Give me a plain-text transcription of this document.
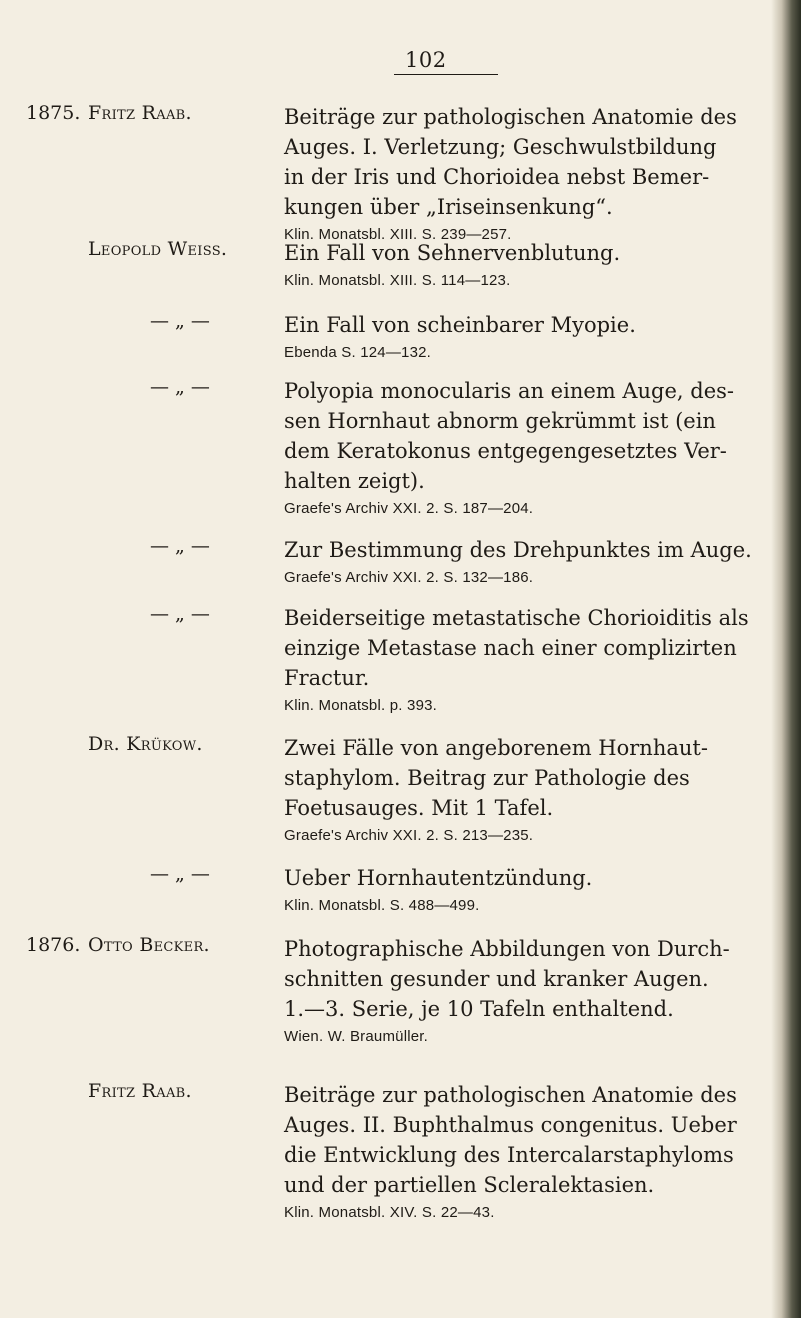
102
1875. Fritz Raab.	Beiträge zur pathologischen Anatomie des
Auges. I. Verletzung; Geschwulstbildung
in der Iris und Chorioidea nebst Bemer-
kungen über „Iriseinsenkung“.
Klin. Monatsbl. XIII. S. 239—257.
Leopold Weiss.	Ein Fall von Sehnervenblutung.
Klin. Monatsbl. XIII. S. 114—123.
— „ —	Ein Fall von scheinbarer Myopie.
Ebenda S. 124—132.
— „ —	Polyopia monocularis an einem Auge, des-
sen Hornhaut abnorm gekrümmt ist (ein
dem Keratokonus entgegengesetztes Ver-
halten zeigt).
Graefe's Archiv XXI. 2. S. 187—204.
— „ —	Zur Bestimmung des Drehpunktes im Auge.
Graefe's Archiv XXI. 2. S. 132—186.
— „ —	Beiderseitige metastatische Chorioiditis als
einzige Metastase nach einer complizirten
Fractur.
Klin. Monatsbl. p. 393.
Dr. Krükow.	Zwei Fälle von angeborenem Hornhaut-
staphylom. Beitrag zur Pathologie des
Foetusauges. Mit 1 Tafel.
Graefe's Archiv XXI. 2. S. 213—235.
— „ —	Ueber Hornhautentzündung.
Klin. Monatsbl. S. 488—499.
1876. Otto Becker.	Photographische Abbildungen von Durch-
schnitten gesunder und kranker Augen.
1.—3. Serie, je 10 Tafeln enthaltend.
Wien. W. Braumüller.
Fritz Raab.	Beiträge zur pathologischen Anatomie des
Auges. II. Buphthalmus congenitus. Ueber
die Entwicklung des Intercalarstaphyloms
und der partiellen Scleralektasien.
Klin. Monatsbl. XIV. S. 22—43.
